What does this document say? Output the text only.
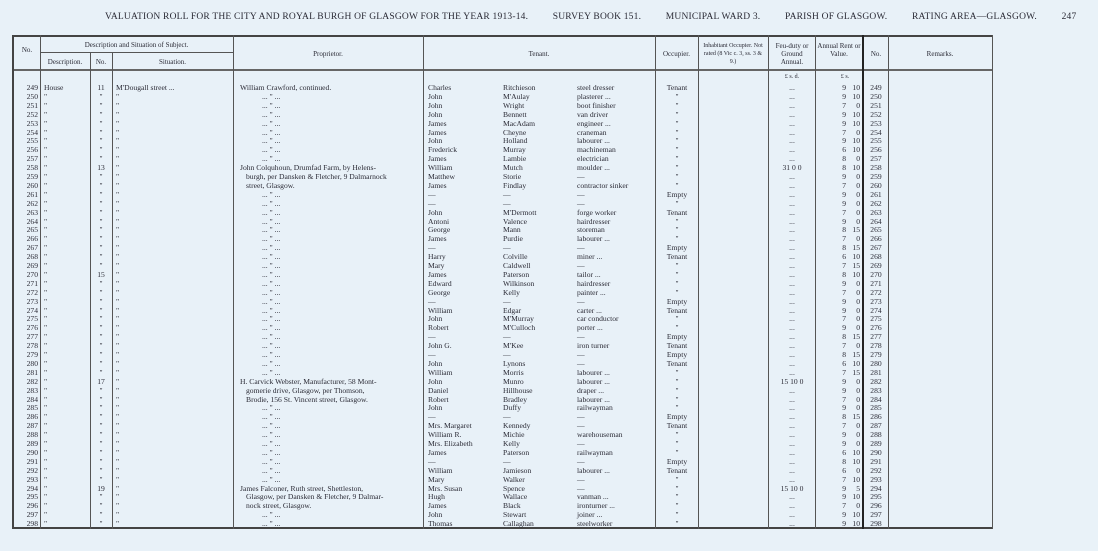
VALUATION ROLL FOR THE CITY AND ROYAL BURGH OF GLASGOW FOR THE YEAR 1913-14.	SURVEY BOOK 151.	MUNICIPAL WARD 3.	PARISH OF GLASGOW.	RATING AREA—GLASGOW.	247
No.
Description and Situation of Subject.
Description.	No.	Situation.
Proprietor.	Tenant.	Occupier.
Inhabitant Occupier. Not rated (8 Vic c. 3, ss. 3 & 9.)
Feu-duty or Ground Annual.
Annual Rent or Value.	No.	Remarks.
£ s. d.	£ s.
249 House	11	M'Dougall street ...	William Crawford, continued.	Charles	Ritchieson	steel dresser	Tenant	...	9 10	249
250 "	"	"	... " ...	John	M'Aulay	plasterer ...	"	...	9 10	250
251 "	"	"	... " ...	John	Wright	boot finisher	"	...	7	0	251
252 "	"	"	... " ...	John	Bennett	van driver	"	...	9 10	252
253 "	"	"	... " ...	James	MacAdam	engineer ...	"	...	9 10	253
254 "	"	"	... " ...	James	Cheyne	craneman	"	...	7	0	254
255 "	"	"	... " ...	John	Holland	labourer ...	"	...	9 10	255
256 "	"	"	... " ...	Frederick	Murray	machineman	"	...	6 10	256
257 "	"	"	... " ...	James	Lambie	electrician	"	...	8	0	257
258 "	13	"	John Colquhoun, Drumfad Farm, by Helens-	William	Mutch	moulder ...	"	31 0 0	8 10	258
259 "	"	"	burgh, per Dansken & Fletcher, 9 Dalmarnock	Matthew	Storie	—	"	...	9	0	259
260 "	"	"	street, Glasgow.	James	Findlay	contractor sinker	"	...	7	0	260
261 "	"	"	... " ...	—	—	—	Empty	...	9	0	261
262 "	"	"	... " ...	—	—	—	"	...	9	0	262
263 "	"	"	... " ...	John	M'Dermott	forge worker	Tenant	...	7	0	263
264 "	"	"	... " ...	Antoni	Valence	hairdresser	"	...	9	0	264
265 "	"	"	... " ...	George	Mann	storeman	"	...	8 15	265
266 "	"	"	... " ...	James	Purdie	labourer ...	"	...	7	0	266
267 "	"	"	... " ...	—	—	—	Empty	...	8 15	267
268 "	"	"	... " ...	Harry	Colville	miner ...	Tenant	...	6 10	268
269 "	"	"	... " ...	Mary	Caldwell	—	"	...	7 15	269
270 "	15	"	... " ...	James	Paterson	tailor ...	"	...	8 10	270
271 "	"	"	... " ...	Edward	Wilkinson	hairdresser	"	...	9	0	271
272 "	"	"	... " ...	George	Kelly	painter ...	"	...	7	0	272
273 "	"	"	... " ...	—	—	—	Empty	...	9	0	273
274 "	"	"	... " ...	William	Edgar	carter ...	Tenant	...	9	0	274
275 "	"	"	... " ...	John	M'Murray	car conductor	"	...	7	0	275
276 "	"	"	... " ...	Robert	M'Culloch	porter ...	"	...	9	0	276
277 "	"	"	... " ...	—	—	—	Empty	...	8 15	277
278 "	"	"	... " ...	John G.	M'Kee	iron turner	Tenant	...	7	0	278
279 "	"	"	... " ...	—	—	—	Empty	...	8 15	279
280 "	"	"	... " ...	John	Lynons	—	Tenant	...	6 10	280
281 "	"	"	... " ...	William	Morris	labourer ...	"	...	7 15	281
282 "	17	"	H. Carvick Webster, Manufacturer, 58 Mont-	John	Munro	labourer ...	"	15 10 0	9	0	282
283 "	"	"	gomerie drive, Glasgow, per Thomson,	Daniel	Hillhouse	draper ...	"	...	9	0	283
284 "	"	"	Brodie, 156 St. Vincent street, Glasgow.	Robert	Bradley	labourer ...	"	...	7	0	284
285 "	"	"	... " ...	John	Duffy	railwayman	"	...	9	0	285
286 "	"	"	... " ...	—	—	—	Empty	...	8 15	286
287 "	"	"	... " ...	Mrs. Margaret	Kennedy	—	Tenant	...	7	0	287
288 "	"	"	... " ...	William R.	Michie	warehouseman	"	...	9	0	288
289 "	"	"	... " ...	Mrs. Elizabeth	Kelly	—	"	...	9	0	289
290 "	"	"	... " ...	James	Paterson	railwayman	"	...	6 10	290
291 "	"	"	... " ...	—	—	—	Empty	...	8 10	291
292 "	"	"	... " ...	William	Jamieson	labourer ...	Tenant	...	6	0	292
293 "	"	"	... " ...	Mary	Walker	—	"	...	7 10	293
294 "	19	"	James Falconer, Ruth street, Shettleston,	Mrs. Susan	Spence	—	"	15 10 0	9	5	294
295 "	"	"	Glasgow, per Dansken & Fletcher, 9 Dalmar-	Hugh	Wallace	vanman ...	"	...	9 10	295
296 "	"	"	nock street, Glasgow.	James	Black	ironturner ...	"	...	7	0	296
297 "	"	"	... " ...	John	Stewart	joiner ...	"	...	9 10	297
298 "	"	"	... " ...	Thomas	Callaghan	steelworker	"	...	9 10	298
